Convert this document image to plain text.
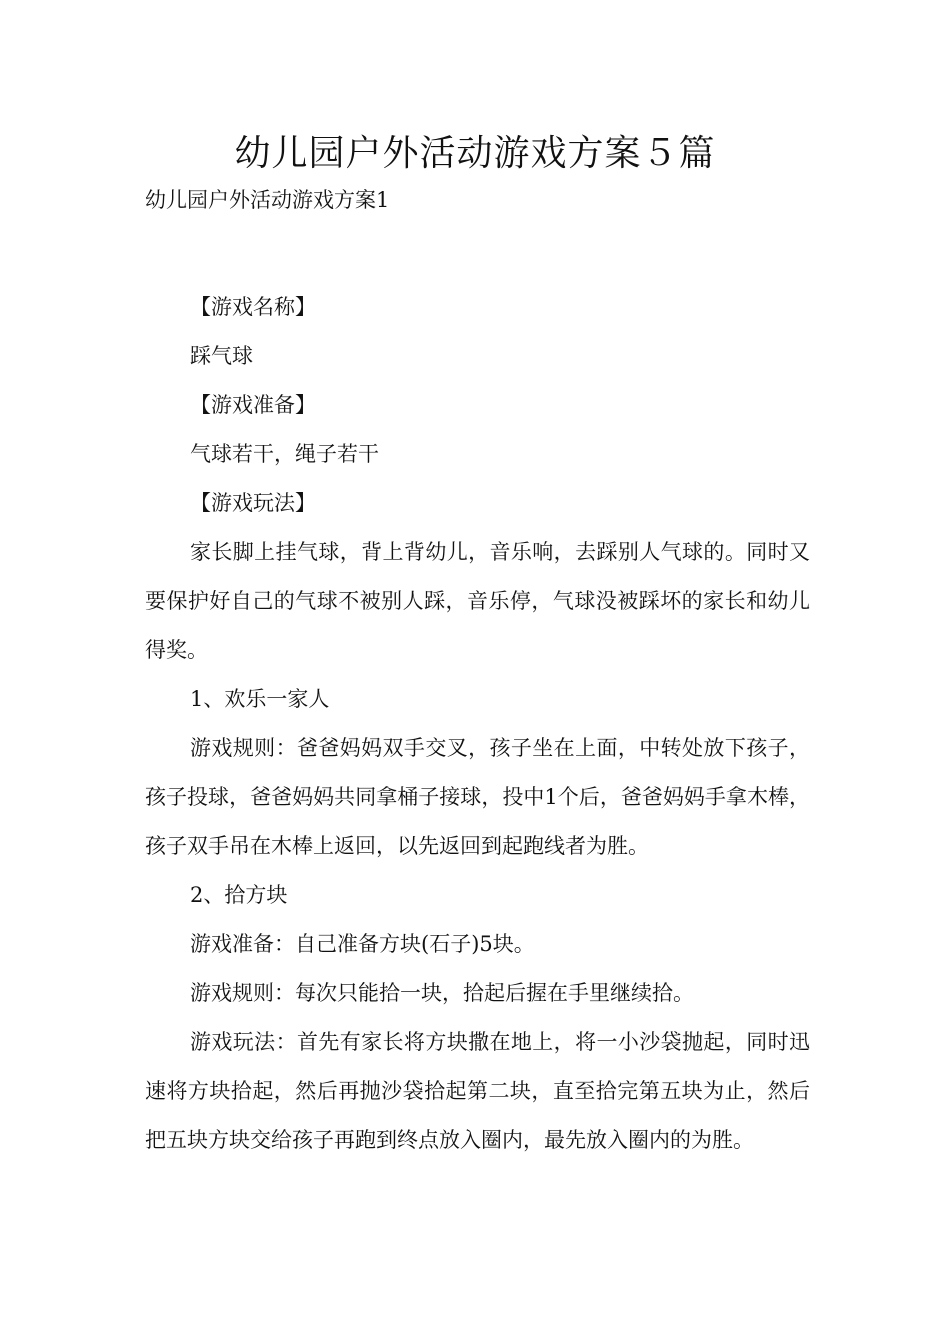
幼儿园户外活动游戏方案５篇

幼儿园户外活动游戏方案1

【游戏名称】

踩气球

【游戏准备】

气球若干，绳子若干

【游戏玩法】

家长脚上挂气球，背上背幼儿，音乐响，去踩别人气球的。同时又要保护好自己的气球不被别人踩，音乐停，气球没被踩坏的家长和幼儿得奖。

1、欢乐一家人

游戏规则：爸爸妈妈双手交叉，孩子坐在上面，中转处放下孩子，孩子投球，爸爸妈妈共同拿桶子接球，投中1个后，爸爸妈妈手拿木棒，孩子双手吊在木棒上返回，以先返回到起跑线者为胜。

2、拾方块

游戏准备：自己准备方块(石子)5块。

游戏规则：每次只能拾一块，拾起后握在手里继续拾。

游戏玩法：首先有家长将方块撒在地上，将一小沙袋抛起，同时迅速将方块拾起，然后再抛沙袋拾起第二块，直至拾完第五块为止，然后把五块方块交给孩子再跑到终点放入圈内，最先放入圈内的为胜。
